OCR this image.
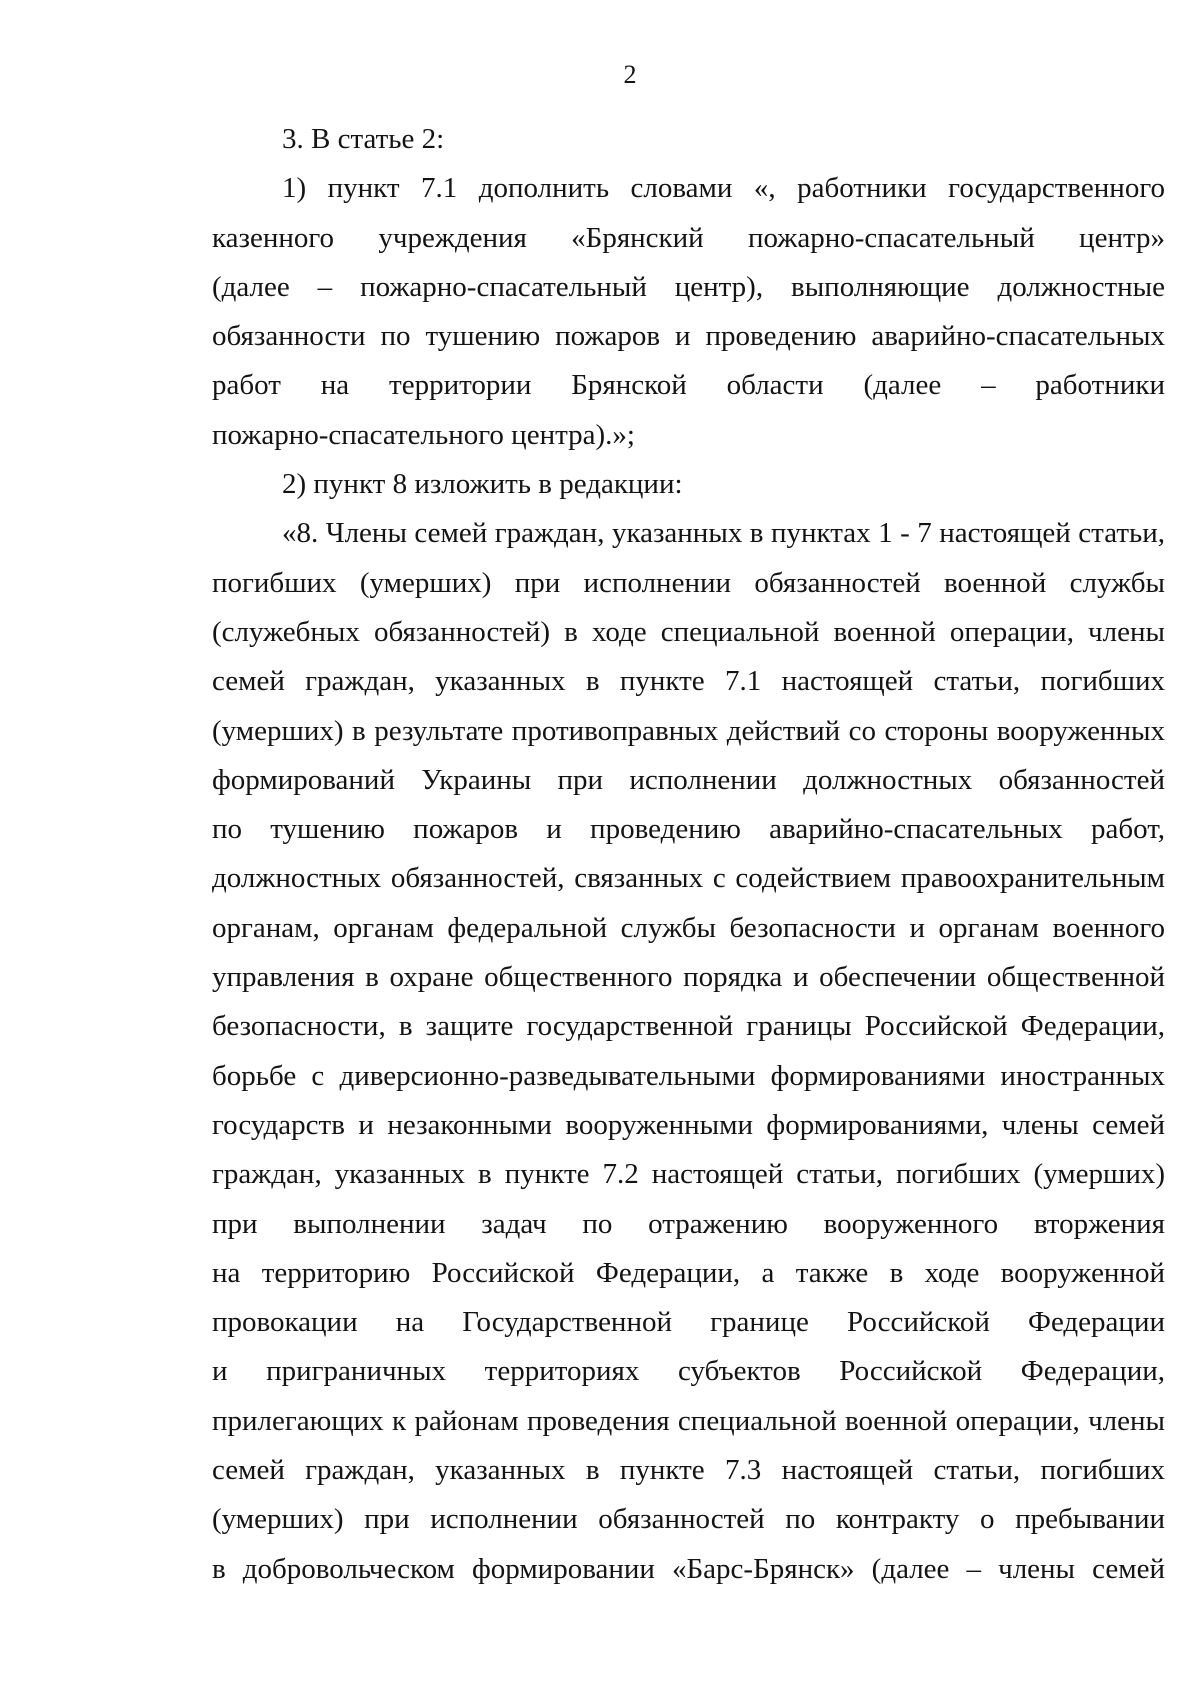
2
3. В статье 2:
1) пункт 7.1 дополнить словами «, работники государственного
казенного учреждения «Брянский пожарно-спасательный центр»
(далее – пожарно-спасательный центр), выполняющие должностные
обязанности по тушению пожаров и проведению аварийно-спасательных
работ на территории Брянской области (далее – работники
пожарно-спасательного центра).»;
2) пункт 8 изложить в редакции:
«8. Члены семей граждан, указанных в пунктах 1 - 7 настоящей статьи,
погибших (умерших) при исполнении обязанностей военной службы
(служебных обязанностей) в ходе специальной военной операции, члены
семей граждан, указанных в пункте 7.1 настоящей статьи, погибших
(умерших) в результате противоправных действий со стороны вооруженных
формирований Украины при исполнении должностных обязанностей
по тушению пожаров и проведению аварийно-спасательных работ,
должностных обязанностей, связанных с содействием правоохранительным
органам, органам федеральной службы безопасности и органам военного
управления в охране общественного порядка и обеспечении общественной
безопасности, в защите государственной границы Российской Федерации,
борьбе с диверсионно-разведывательными формированиями иностранных
государств и незаконными вооруженными формированиями, члены семей
граждан, указанных в пункте 7.2 настоящей статьи, погибших (умерших)
при выполнении задач по отражению вооруженного вторжения
на территорию Российской Федерации, а также в ходе вооруженной
провокации на Государственной границе Российской Федерации
и приграничных территориях субъектов Российской Федерации,
прилегающих к районам проведения специальной военной операции, члены
семей граждан, указанных в пункте 7.3 настоящей статьи, погибших
(умерших) при исполнении обязанностей по контракту о пребывании
в добровольческом формировании «Барс-Брянск» (далее – члены семей
